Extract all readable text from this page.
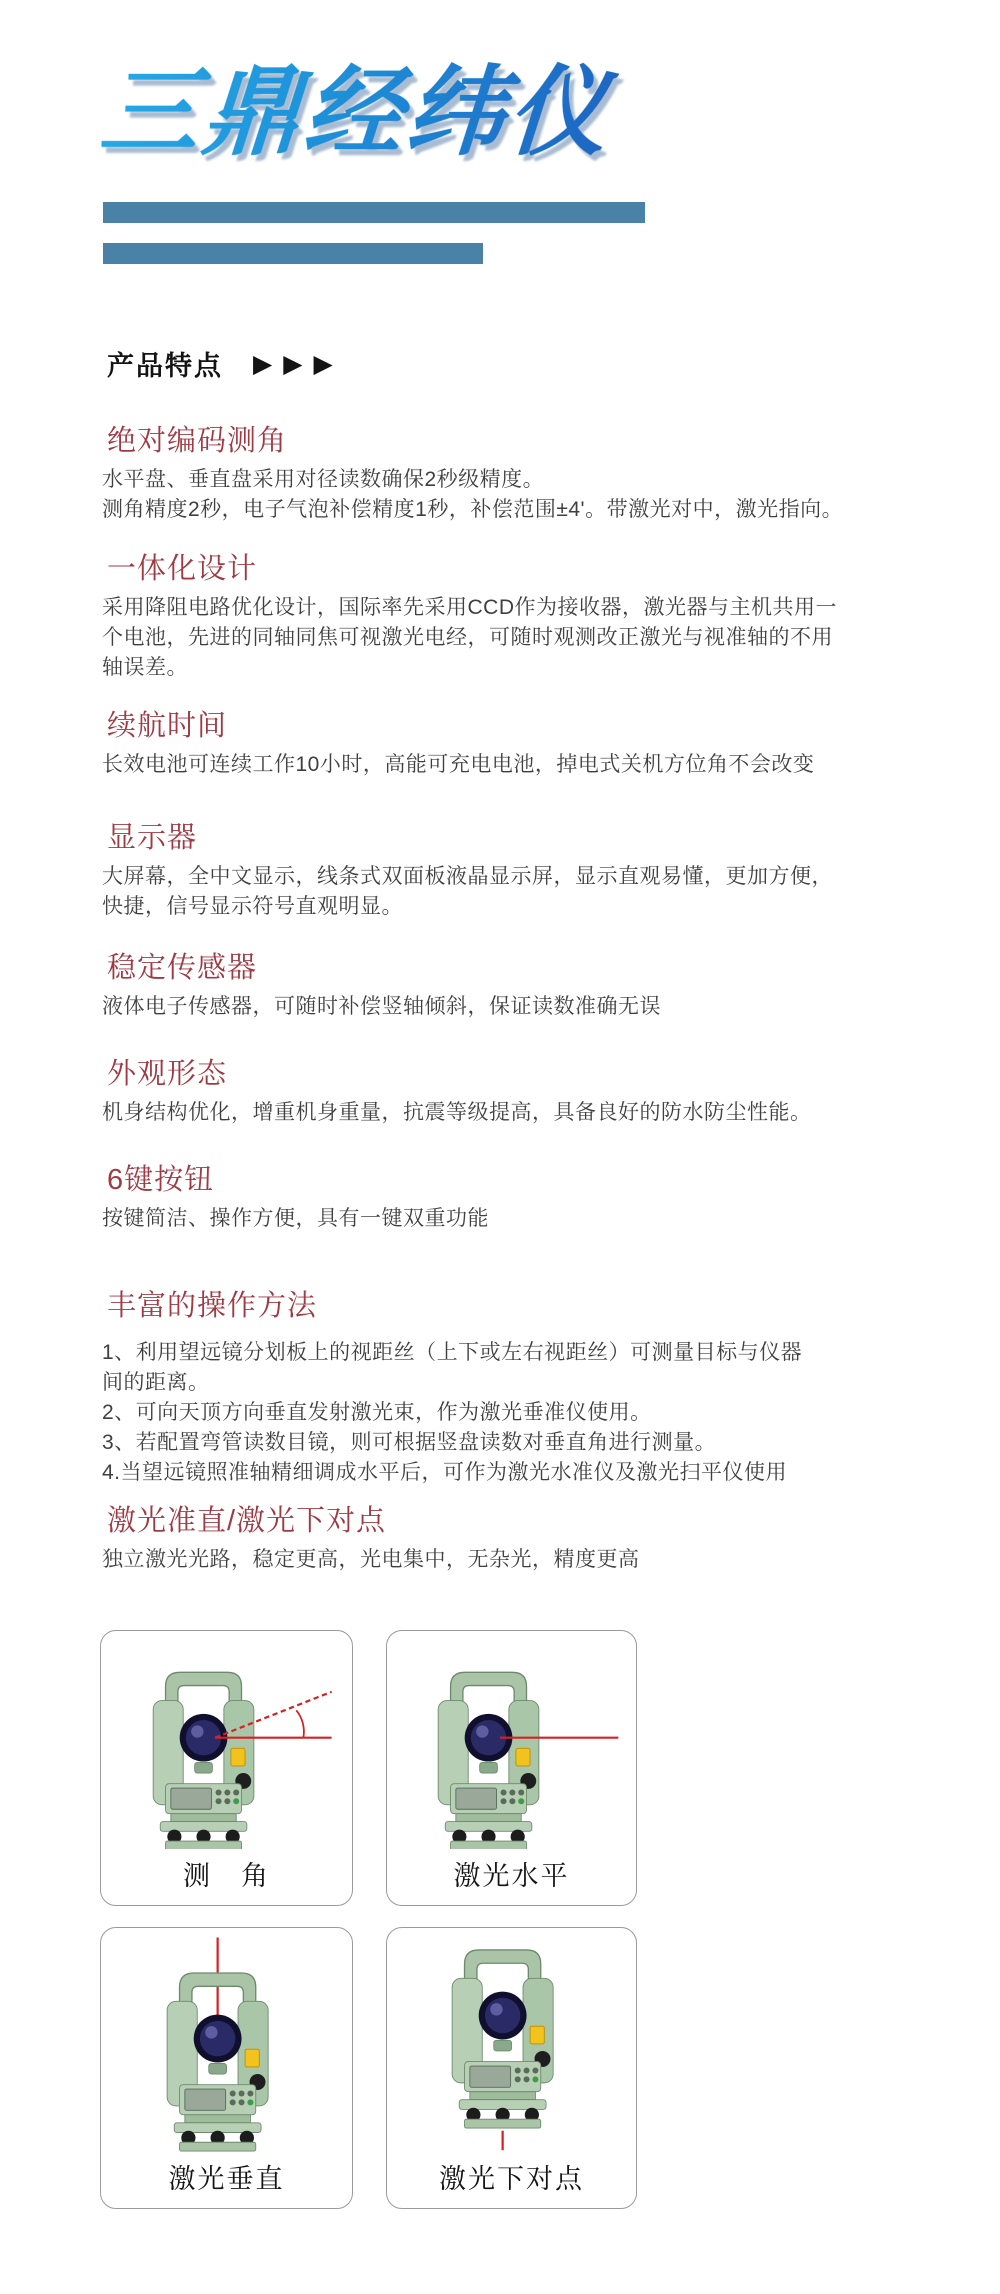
三鼎经纬仪
产品特点 ▶▶▶
绝对编码测角
水平盘、垂直盘采用对径读数确保2秒级精度。
测角精度2秒，电子气泡补偿精度1秒，补偿范围±4'。带激光对中，激光指向。
一体化设计
采用降阻电路优化设计，国际率先采用CCD作为接收器，激光器与主机共用一
个电池，先进的同轴同焦可视激光电经，可随时观测改正激光与视准轴的不用
轴误差。
续航时间
长效电池可连续工作10小时，高能可充电电池，掉电式关机方位角不会改变
显示器
大屏幕，全中文显示，线条式双面板液晶显示屏，显示直观易懂，更加方便，
快捷，信号显示符号直观明显。
稳定传感器
液体电子传感器，可随时补偿竖轴倾斜，保证读数准确无误
外观形态
机身结构优化，增重机身重量，抗震等级提高，具备良好的防水防尘性能。
6键按钮
按键简洁、操作方便，具有一键双重功能
丰富的操作方法
1、利用望远镜分划板上的视距丝（上下或左右视距丝）可测量目标与仪器
间的距离。
2、可向天顶方向垂直发射激光束，作为激光垂准仪使用。
3、若配置弯管读数目镜，则可根据竖盘读数对垂直角进行测量。
4.当望远镜照准轴精细调成水平后，可作为激光水准仪及激光扫平仪使用
激光准直/激光下对点
独立激光光路，稳定更高，光电集中，无杂光，精度更高
测　角	激光水平
激光垂直	激光下对点
